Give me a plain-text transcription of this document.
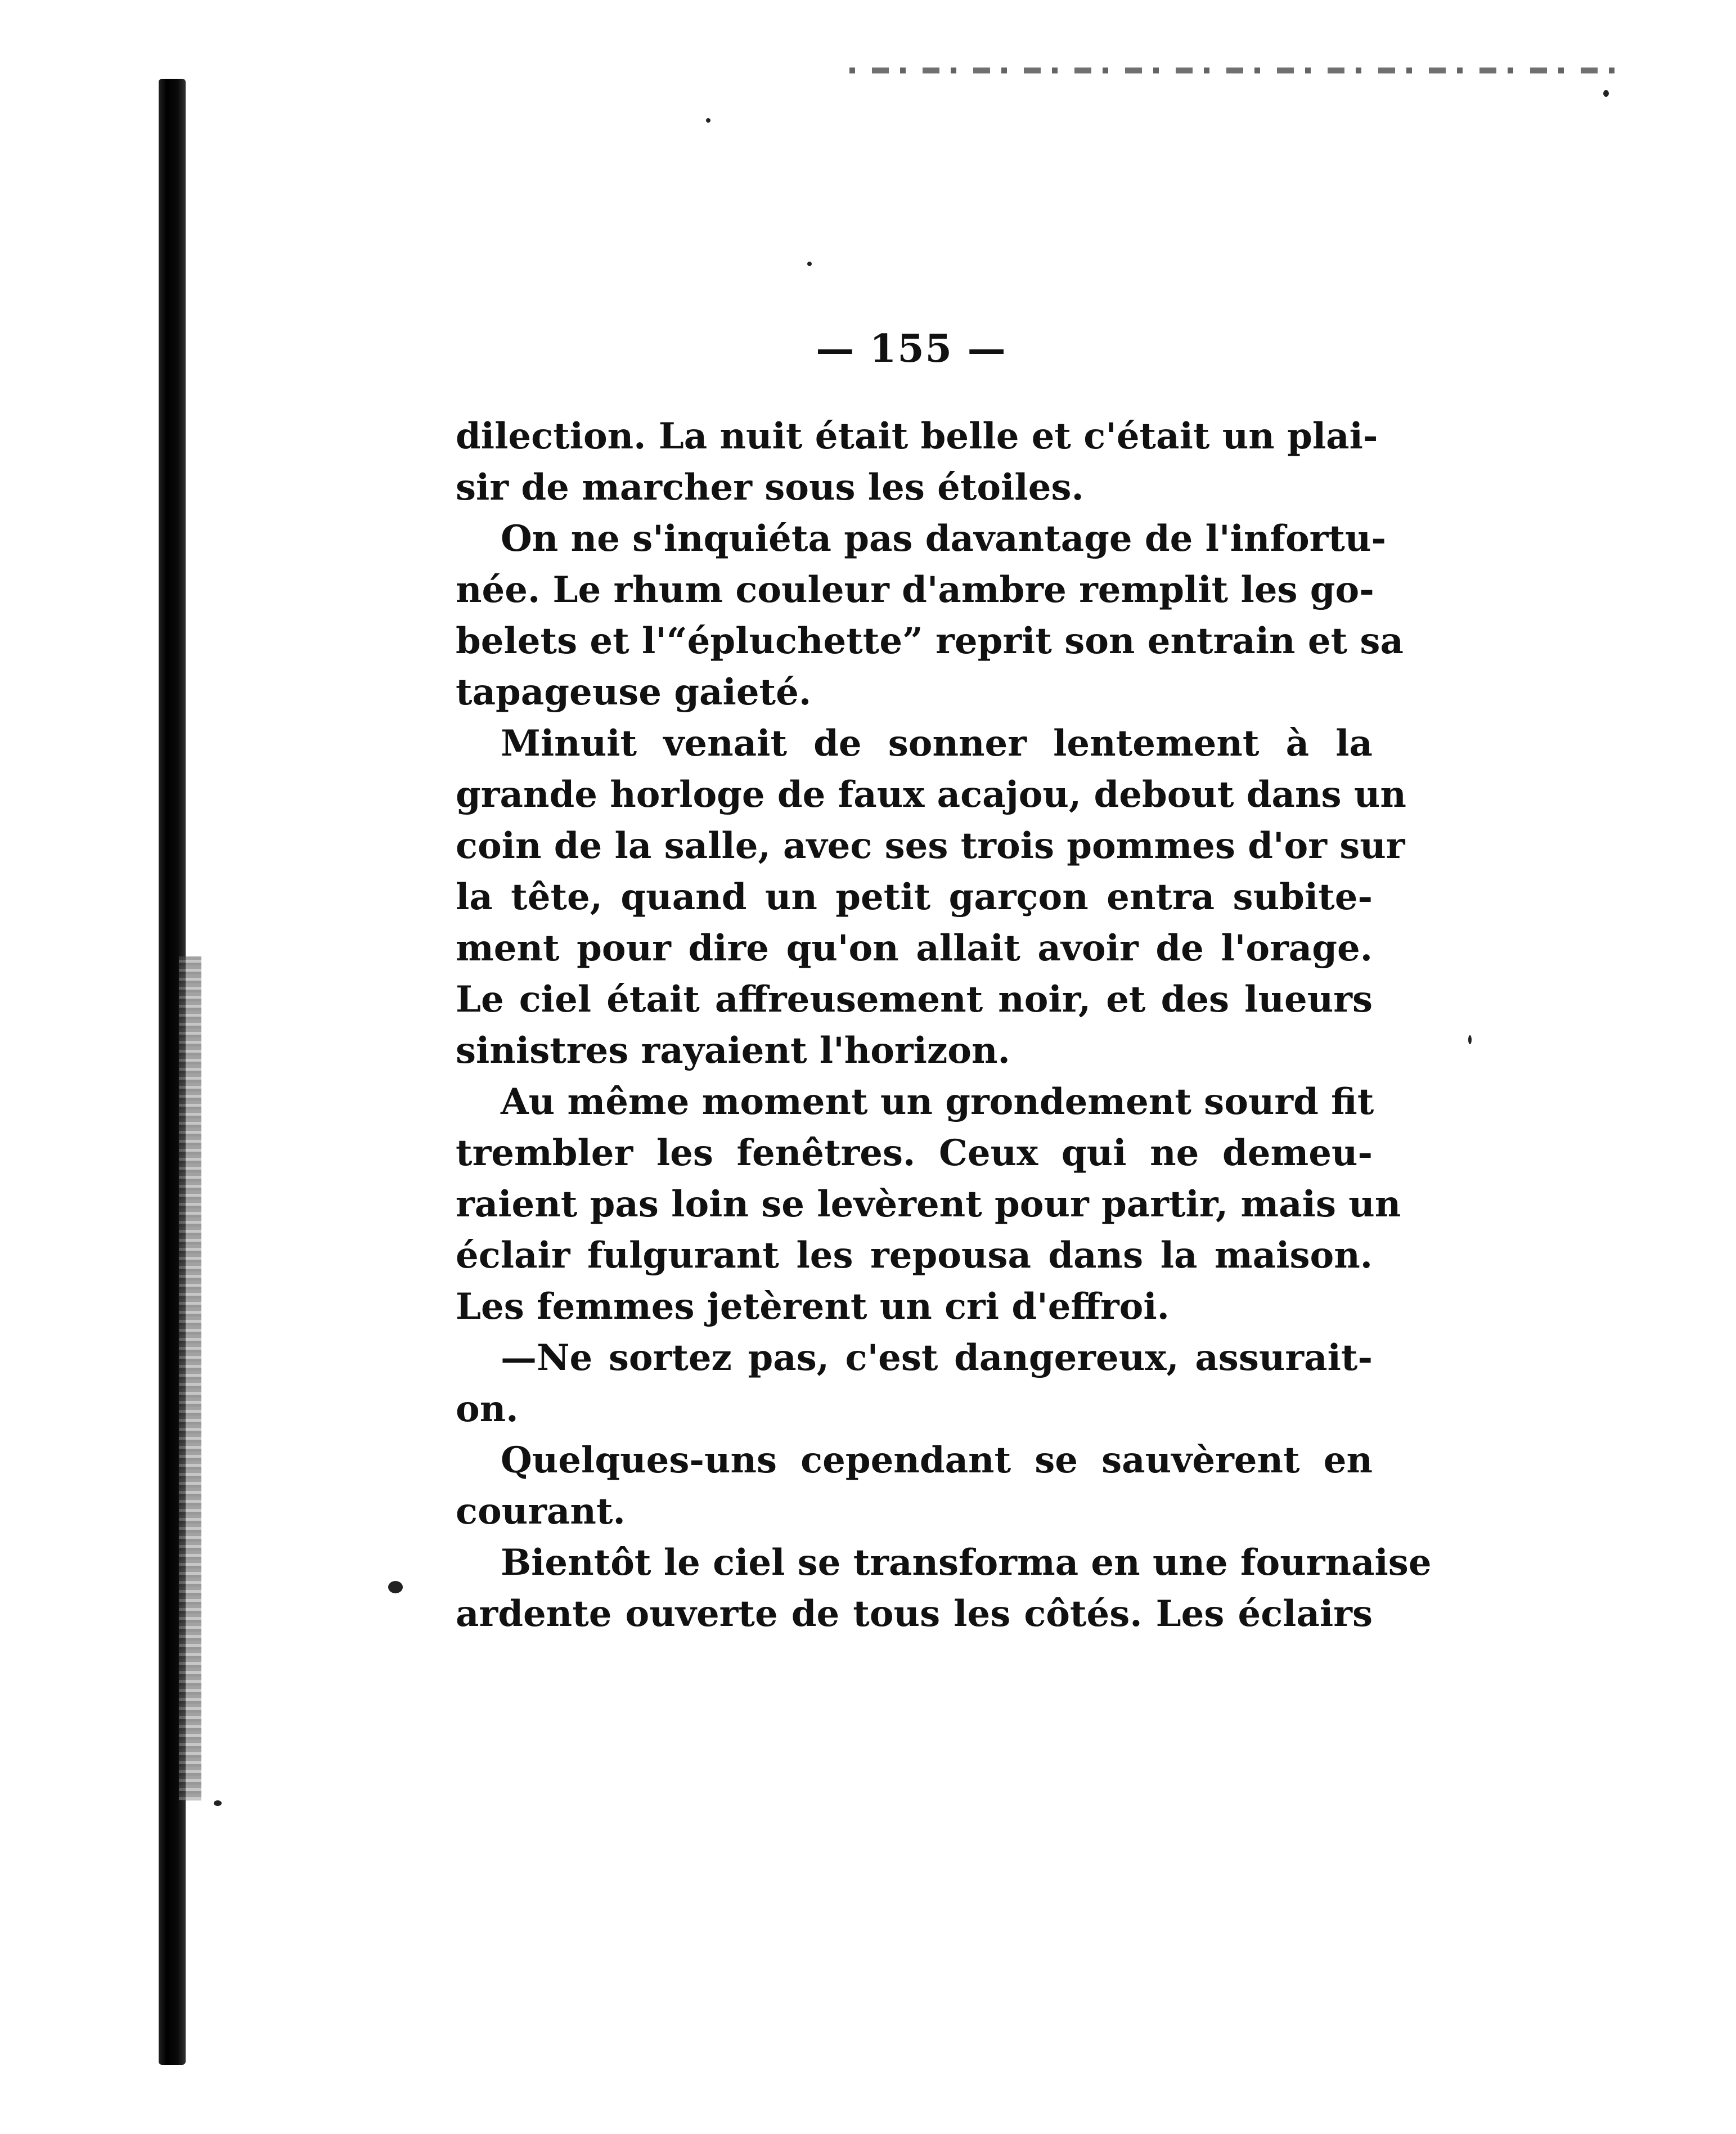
— 155 —
dilection. La nuit était belle et c'était un plai-
sir de marcher sous les étoiles.
On ne s'inquiéta pas davantage de l'infortu-
née. Le rhum couleur d'ambre remplit les go-
belets et l'“épluchette” reprit son entrain et sa
tapageuse gaieté.
Minuit venait de sonner lentement à la
grande horloge de faux acajou, debout dans un
coin de la salle, avec ses trois pommes d'or sur
la tête, quand un petit garçon entra subite-
ment pour dire qu'on allait avoir de l'orage.
Le ciel était affreusement noir, et des lueurs
sinistres rayaient l'horizon.
Au même moment un grondement sourd fit
trembler les fenêtres. Ceux qui ne demeu-
raient pas loin se levèrent pour partir, mais un
éclair fulgurant les repousa dans la maison.
Les femmes jetèrent un cri d'effroi.
—Ne sortez pas, c'est dangereux, assurait-
on.
Quelques-uns cependant se sauvèrent en
courant.
Bientôt le ciel se transforma en une fournaise
ardente ouverte de tous les côtés. Les éclairs
